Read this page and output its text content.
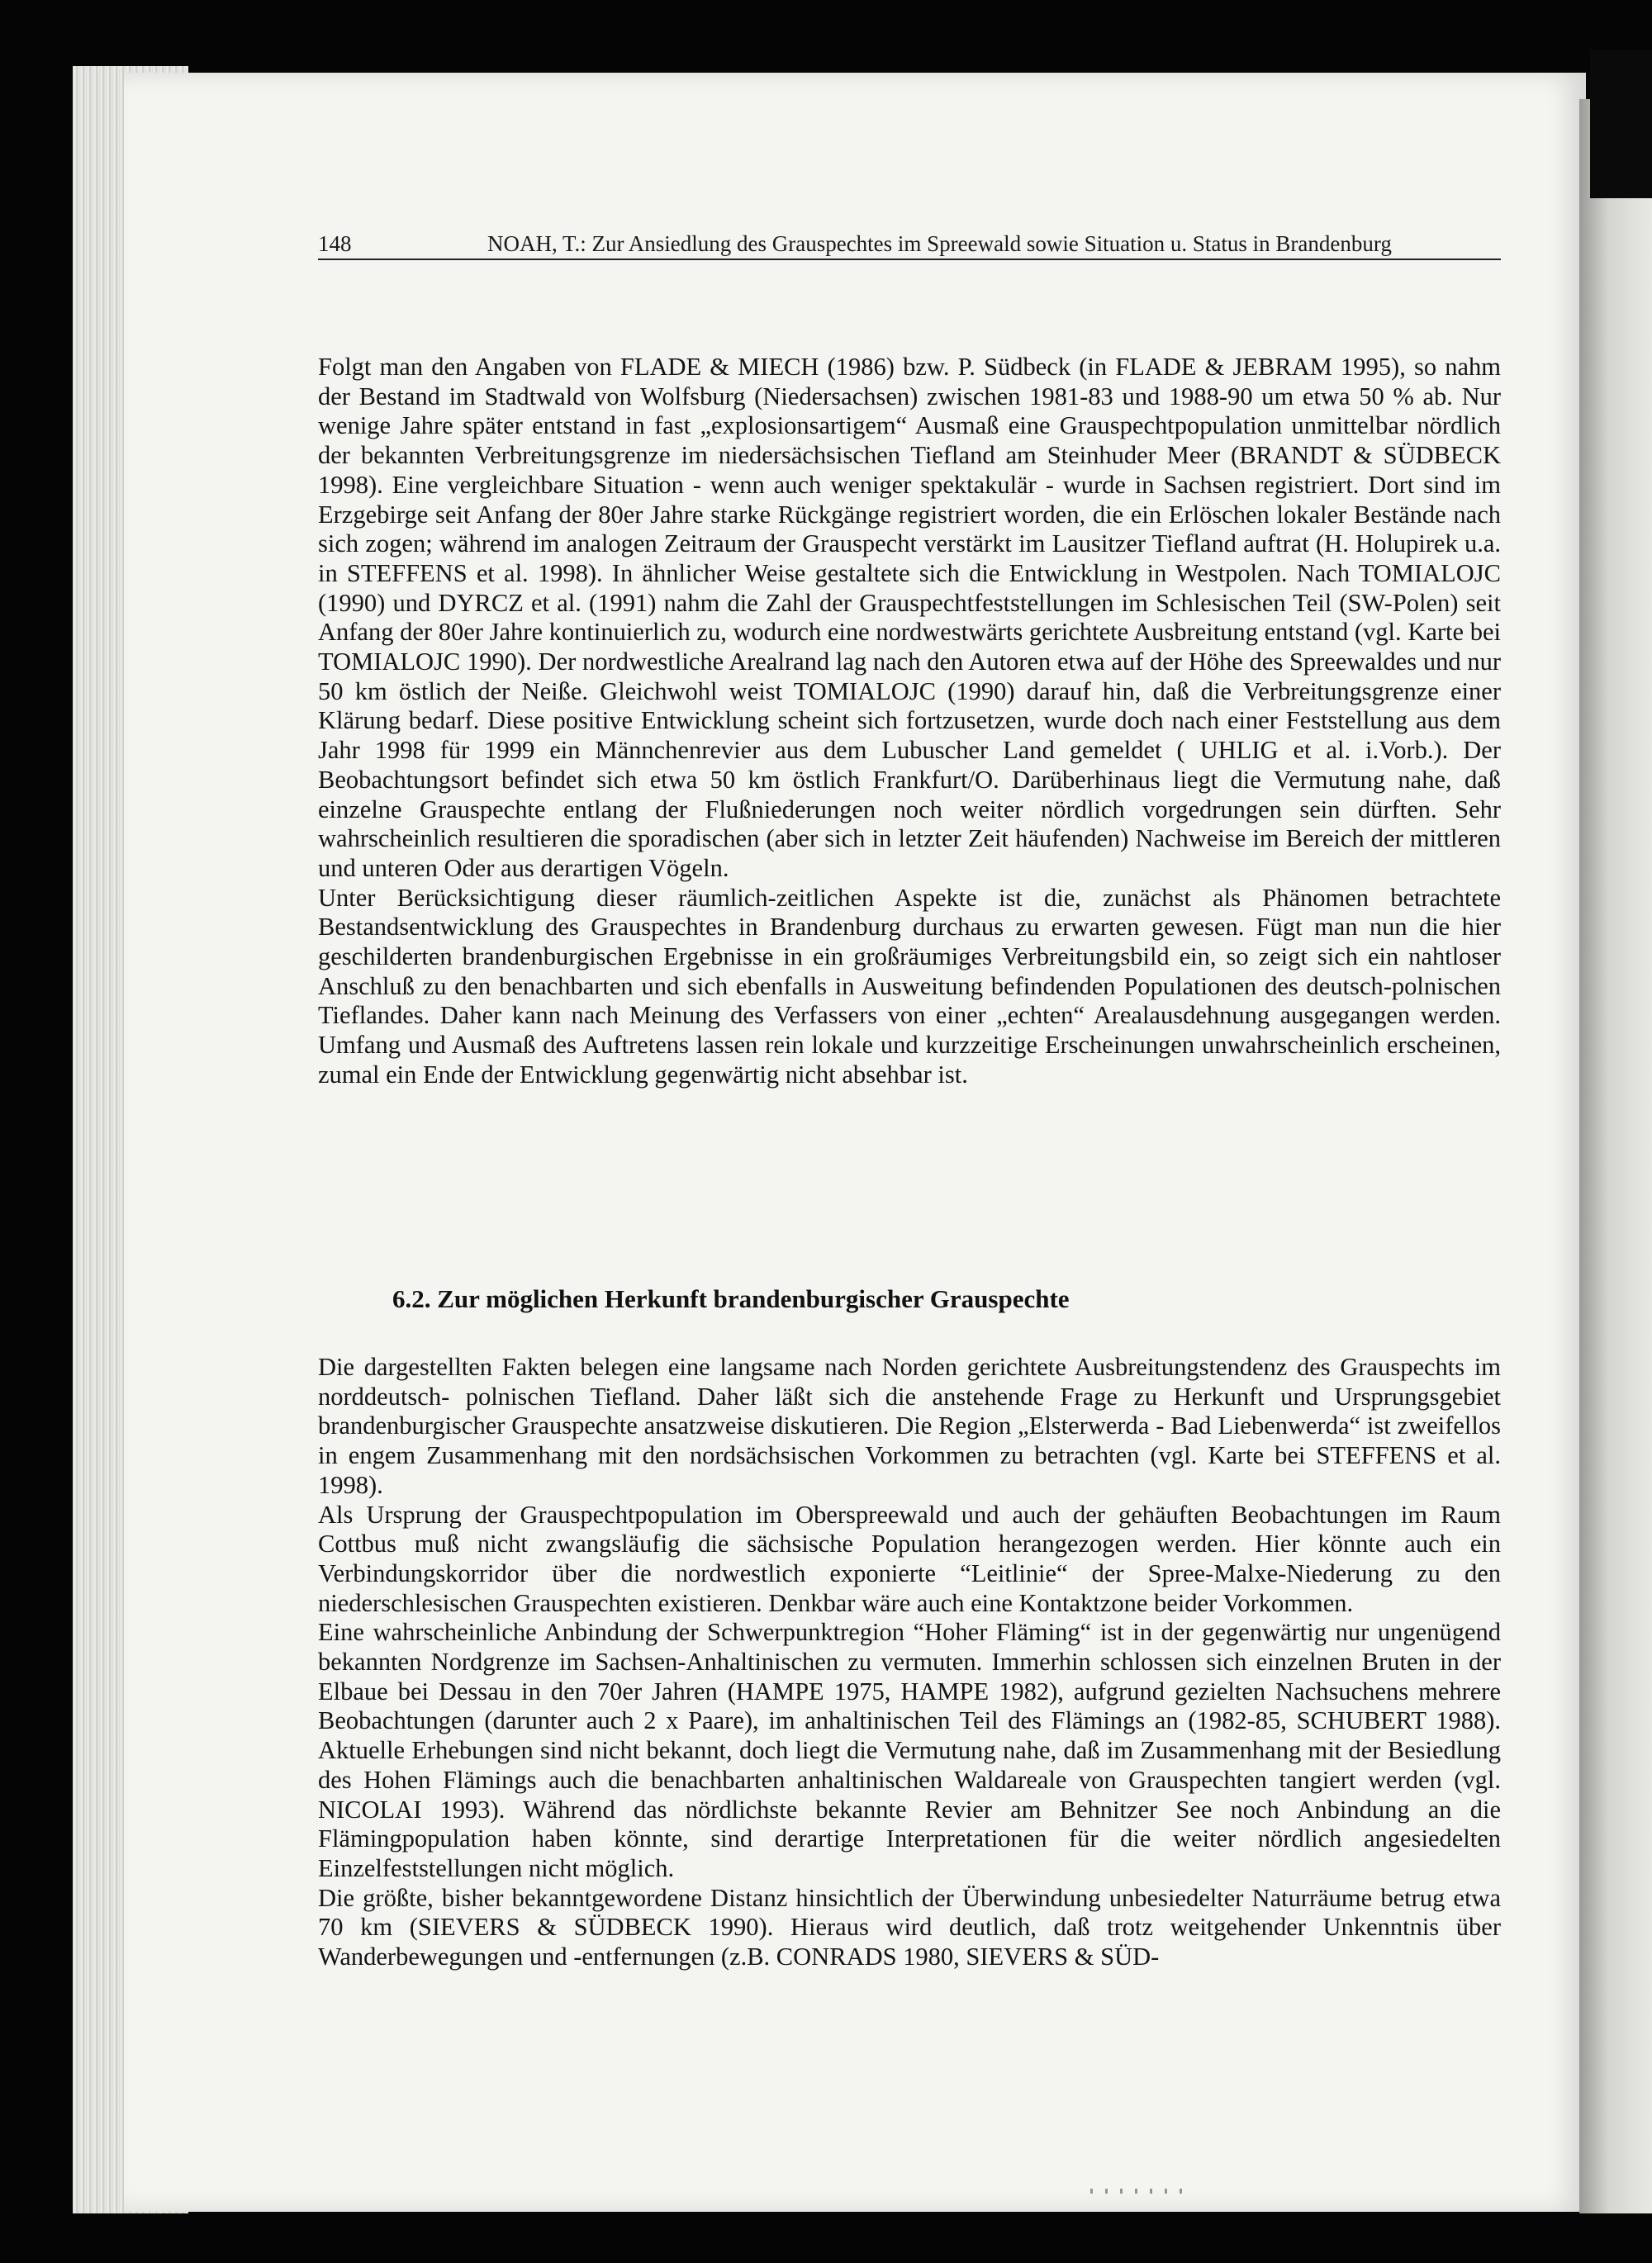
148	NOAH, T.: Zur Ansiedlung des Grauspechtes im Spreewald sowie Situation u. Status in Brandenburg

Folgt man den Angaben von FLADE & MIECH (1986) bzw. P. Südbeck (in FLADE & JEBRAM 1995), so nahm der Bestand im Stadtwald von Wolfsburg (Niedersachsen) zwischen 1981-83 und 1988-90 um etwa 50 % ab. Nur wenige Jahre später entstand in fast „explosionsartigem“ Ausmaß eine Grauspechtpopulation unmittelbar nördlich der bekannten Verbreitungsgrenze im niedersächsischen Tiefland am Steinhuder Meer (BRANDT & SÜDBECK 1998). Eine vergleichbare Situation - wenn auch weniger spektakulär - wurde in Sachsen registriert. Dort sind im Erzgebirge seit Anfang der 80er Jahre starke Rückgänge registriert worden, die ein Erlöschen lokaler Bestände nach sich zogen; während im analogen Zeitraum der Grauspecht verstärkt im Lausitzer Tiefland auftrat (H. Holupirek u.a. in STEFFENS et al. 1998). In ähnlicher Weise gestaltete sich die Entwicklung in Westpolen. Nach TOMIALOJC (1990) und DYRCZ et al. (1991) nahm die Zahl der Grauspechtfeststellungen im Schlesischen Teil (SW-Polen) seit Anfang der 80er Jahre kontinuierlich zu, wodurch eine nordwestwärts gerichtete Ausbreitung entstand (vgl. Karte bei TOMIALOJC 1990). Der nordwestliche Arealrand lag nach den Autoren etwa auf der Höhe des Spreewaldes und nur 50 km östlich der Neiße. Gleichwohl weist TOMIALOJC (1990) darauf hin, daß die Verbreitungsgrenze einer Klärung bedarf. Diese positive Entwicklung scheint sich fortzusetzen, wurde doch nach einer Feststellung aus dem Jahr 1998 für 1999 ein Männchenrevier aus dem Lubuscher Land gemeldet ( UHLIG et al. i.Vorb.). Der Beobachtungsort befindet sich etwa 50 km östlich Frankfurt/O. Darüberhinaus liegt die Vermutung nahe, daß einzelne Grauspechte entlang der Flußniederungen noch weiter nördlich vorgedrungen sein dürften. Sehr wahrscheinlich resultieren die sporadischen (aber sich in letzter Zeit häufenden) Nachweise im Bereich der mittleren und unteren Oder aus derartigen Vögeln.

Unter Berücksichtigung dieser räumlich-zeitlichen Aspekte ist die, zunächst als Phänomen betrachtete Bestandsentwicklung des Grauspechtes in Brandenburg durchaus zu erwarten gewesen. Fügt man nun die hier geschilderten brandenburgischen Ergebnisse in ein großräumiges Verbreitungsbild ein, so zeigt sich ein nahtloser Anschluß zu den benachbarten und sich ebenfalls in Ausweitung befindenden Populationen des deutsch-polnischen Tieflandes. Daher kann nach Meinung des Verfassers von einer „echten“ Arealausdehnung ausgegangen werden. Umfang und Ausmaß des Auftretens lassen rein lokale und kurzzeitige Erscheinungen unwahrscheinlich erscheinen, zumal ein Ende der Entwicklung gegenwärtig nicht absehbar ist.

6.2. Zur möglichen Herkunft brandenburgischer Grauspechte

Die dargestellten Fakten belegen eine langsame nach Norden gerichtete Ausbreitungstendenz des Grauspechts im norddeutsch- polnischen Tiefland. Daher läßt sich die anstehende Frage zu Herkunft und Ursprungsgebiet brandenburgischer Grauspechte ansatzweise diskutieren. Die Region „Elsterwerda - Bad Liebenwerda“ ist zweifellos in engem Zusammenhang mit den nordsächsischen Vorkommen zu betrachten (vgl. Karte bei STEFFENS et al. 1998).

Als Ursprung der Grauspechtpopulation im Oberspreewald und auch der gehäuften Beobachtungen im Raum Cottbus muß nicht zwangsläufig die sächsische Population herangezogen werden. Hier könnte auch ein Verbindungskorridor über die nordwestlich exponierte “Leitlinie“ der Spree-Malxe-Niederung zu den niederschlesischen Grauspechten existieren. Denkbar wäre auch eine Kontaktzone beider Vorkommen.

Eine wahrscheinliche Anbindung der Schwerpunktregion “Hoher Fläming“ ist in der gegenwärtig nur ungenügend bekannten Nordgrenze im Sachsen-Anhaltinischen zu vermuten. Immerhin schlossen sich einzelnen Bruten in der Elbaue bei Dessau in den 70er Jahren (HAMPE 1975, HAMPE 1982), aufgrund gezielten Nachsuchens mehrere Beobachtungen (darunter auch 2 x Paare), im anhaltinischen Teil des Flämings an (1982-85, SCHUBERT 1988). Aktuelle Erhebungen sind nicht bekannt, doch liegt die Vermutung nahe, daß im Zusammenhang mit der Besiedlung des Hohen Flämings auch die benachbarten anhaltinischen Waldareale von Grauspechten tangiert werden (vgl. NICOLAI 1993). Während das nördlichste bekannte Revier am Behnitzer See noch Anbindung an die Flämingpopulation haben könnte, sind derartige Interpretationen für die weiter nördlich angesiedelten Einzelfeststellungen nicht möglich.

Die größte, bisher bekanntgewordene Distanz hinsichtlich der Überwindung unbesiedelter Naturräume betrug etwa 70 km (SIEVERS & SÜDBECK 1990). Hieraus wird deutlich, daß trotz weitgehender Unkenntnis über Wanderbewegungen und -entfernungen (z.B. CONRADS 1980, SIEVERS & SÜD-
